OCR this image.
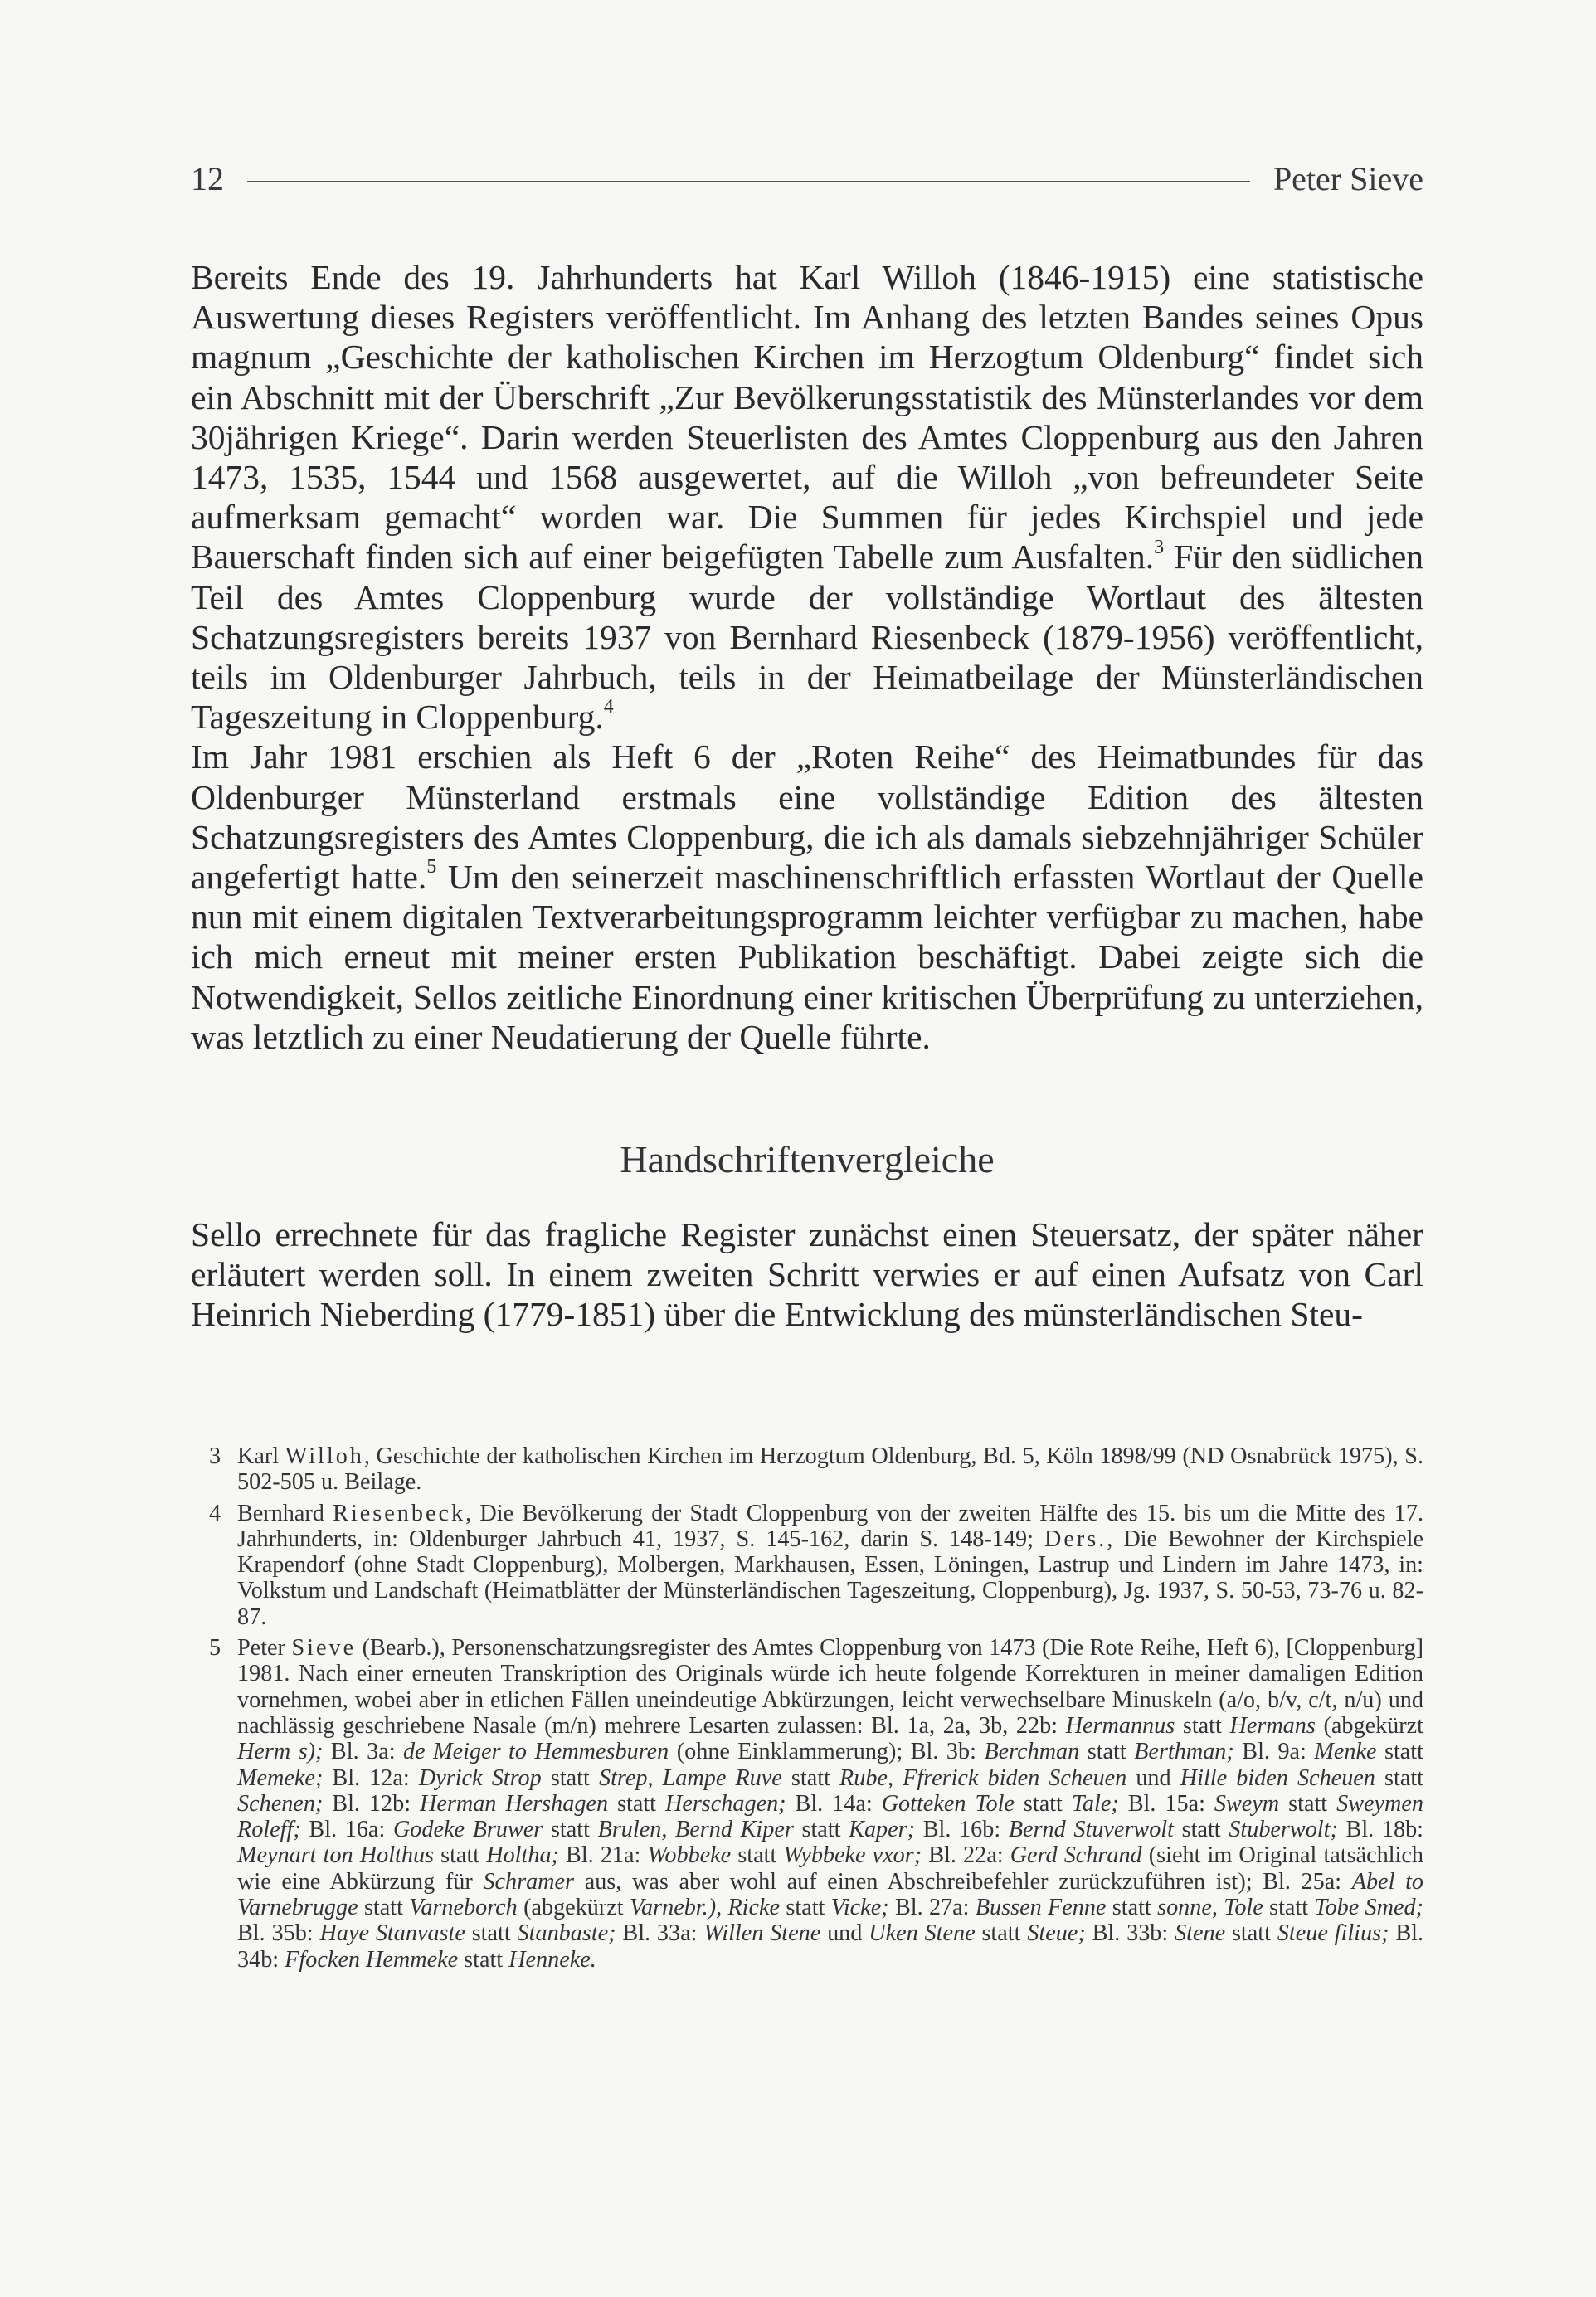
12	Peter Sieve

Bereits Ende des 19. Jahrhunderts hat Karl Willoh (1846-1915) eine statistische Auswertung dieses Registers veröffentlicht. Im Anhang des letzten Bandes seines Opus magnum „Geschichte der katholischen Kirchen im Herzogtum Oldenburg“ findet sich ein Abschnitt mit der Überschrift „Zur Bevölkerungsstatistik des Münsterlandes vor dem 30jährigen Kriege“. Darin werden Steuerlisten des Amtes Cloppenburg aus den Jahren 1473, 1535, 1544 und 1568 ausgewertet, auf die Willoh „von befreundeter Seite aufmerksam gemacht“ worden war. Die Summen für jedes Kirchspiel und jede Bauerschaft finden sich auf einer beigefügten Tabelle zum Ausfalten.$^3$ Für den südlichen Teil des Amtes Cloppenburg wurde der vollständige Wortlaut des ältesten Schatzungsregisters bereits 1937 von Bernhard Riesenbeck (1879-1956) veröffentlicht, teils im Oldenburger Jahrbuch, teils in der Heimatbeilage der Münsterländischen Tageszeitung in Cloppenburg.$^4$

Im Jahr 1981 erschien als Heft 6 der „Roten Reihe“ des Heimatbundes für das Oldenburger Münsterland erstmals eine vollständige Edition des ältesten Schatzungsregisters des Amtes Cloppenburg, die ich als damals siebzehnjähriger Schüler angefertigt hatte.$^5$ Um den seinerzeit maschinenschriftlich erfassten Wortlaut der Quelle nun mit einem digitalen Textverarbeitungsprogramm leichter verfügbar zu machen, habe ich mich erneut mit meiner ersten Publikation beschäftigt. Dabei zeigte sich die Notwendigkeit, Sellos zeitliche Einordnung einer kritischen Überprüfung zu unterziehen, was letztlich zu einer Neudatierung der Quelle führte.

Handschriftenvergleiche

Sello errechnete für das fragliche Register zunächst einen Steuersatz, der später näher erläutert werden soll. In einem zweiten Schritt verwies er auf einen Aufsatz von Carl Heinrich Nieberding (1779-1851) über die Entwicklung des münsterländischen Steu-

3 Karl Willoh, Geschichte der katholischen Kirchen im Herzogtum Oldenburg, Bd. 5, Köln 1898/99 (ND Osnabrück 1975), S. 502-505 u. Beilage.
4 Bernhard Riesenbeck, Die Bevölkerung der Stadt Cloppenburg von der zweiten Hälfte des 15. bis um die Mitte des 17. Jahrhunderts, in: Oldenburger Jahrbuch 41, 1937, S. 145-162, darin S. 148-149; Ders., Die Bewohner der Kirchspiele Krapendorf (ohne Stadt Cloppenburg), Molbergen, Markhausen, Essen, Löningen, Lastrup und Lindern im Jahre 1473, in: Volkstum und Landschaft (Heimatblätter der Münsterländischen Tageszeitung, Cloppenburg), Jg. 1937, S. 50-53, 73-76 u. 82-87.
5 Peter Sieve (Bearb.), Personenschatzungsregister des Amtes Cloppenburg von 1473 (Die Rote Reihe, Heft 6), [Cloppenburg] 1981. Nach einer erneuten Transkription des Originals würde ich heute folgende Korrekturen in meiner damaligen Edition vornehmen, wobei aber in etlichen Fällen uneindeutige Abkürzungen, leicht verwechselbare Minuskeln (a/o, b/v, c/t, n/u) und nachlässig geschriebene Nasale (m/n) mehrere Lesarten zulassen: Bl. 1a, 2a, 3b, 22b: Hermannus statt Hermans (abgekürzt Herm s); Bl. 3a: de Meiger to Hemmesburen (ohne Einklammerung); Bl. 3b: Berchman statt Berthman; Bl. 9a: Menke statt Memeke; Bl. 12a: Dyrick Strop statt Strep, Lampe Ruve statt Rube, Ffrerick biden Scheuen und Hille biden Scheuen statt Schenen; Bl. 12b: Herman Hershagen statt Herschagen; Bl. 14a: Gotteken Tole statt Tale; Bl. 15a: Sweym statt Sweymen Roleff; Bl. 16a: Godeke Bruwer statt Brulen, Bernd Kiper statt Kaper; Bl. 16b: Bernd Stuverwolt statt Stuberwolt; Bl. 18b: Meynart ton Holthus statt Holtha; Bl. 21a: Wobbeke statt Wybbeke vxor; Bl. 22a: Gerd Schrand (sieht im Original tatsächlich wie eine Abkürzung für Schramer aus, was aber wohl auf einen Abschreibefehler zurückzuführen ist); Bl. 25a: Abel to Varnebrugge statt Varneborch (abgekürzt Varnebr.), Ricke statt Vicke; Bl. 27a: Bussen Fenne statt sonne, Tole statt Tobe Smed; Bl. 35b: Haye Stanvaste statt Stanbaste; Bl. 33a: Willen Stene und Uken Stene statt Steue; Bl. 33b: Stene statt Steue filius; Bl. 34b: Ffocken Hemmeke statt Henneke.
